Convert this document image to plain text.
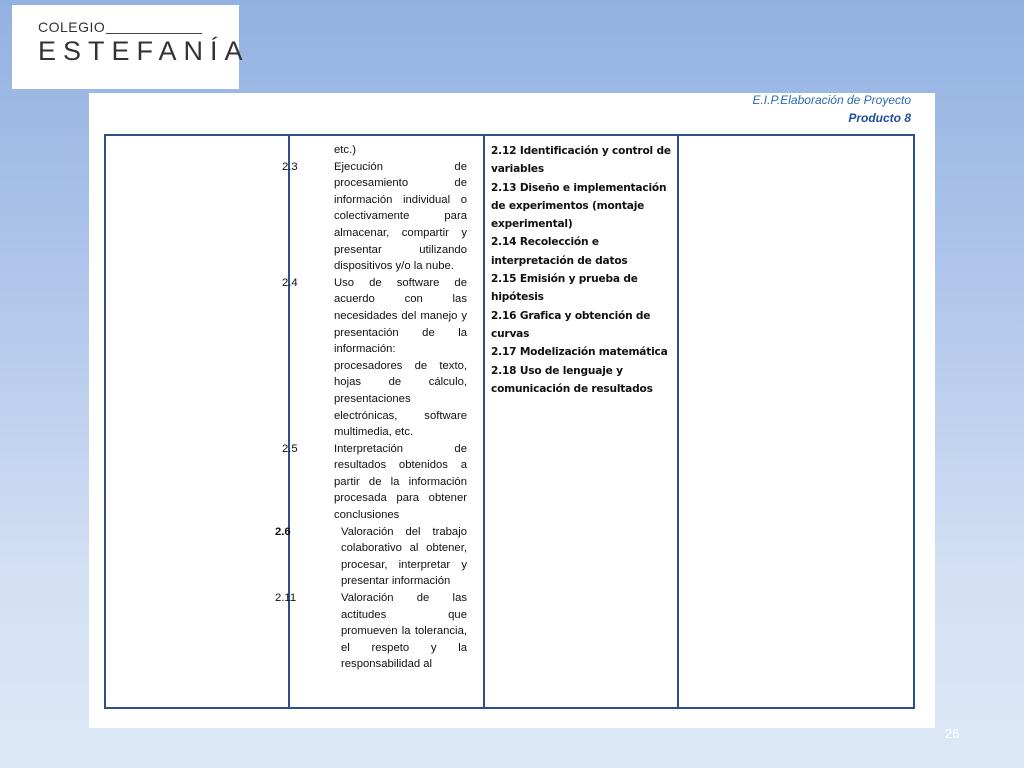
COLEGIO
ESTEFANÍA
E.I.P.Elaboración de Proyecto
Producto 8
etc.)
2.3	Ejecución de procesamiento de información individual o colectivamente para almacenar, compartir y presentar utilizando dispositivos y/o la nube.
2.4	Uso de software de acuerdo con las necesidades del manejo y presentación de la información: procesadores de texto, hojas de cálculo, presentaciones electrónicas, software multimedia, etc.
2.5	Interpretación de resultados obtenidos a partir de la información procesada para obtener conclusiones
2.6	Valoración del trabajo colaborativo al obtener, procesar, interpretar y presentar información
2.11	Valoración de las actitudes que promueven la tolerancia, el respeto y la responsabilidad al
2.12 Identificación y control de variables
2.13 Diseño e implementación de experimentos (montaje experimental)
2.14 Recolección e interpretación de datos
2.15 Emisión y prueba de hipótesis
2.16 Grafica y obtención de curvas
2.17 Modelización matemática
2.18 Uso de lenguaje y comunicación de resultados
26
